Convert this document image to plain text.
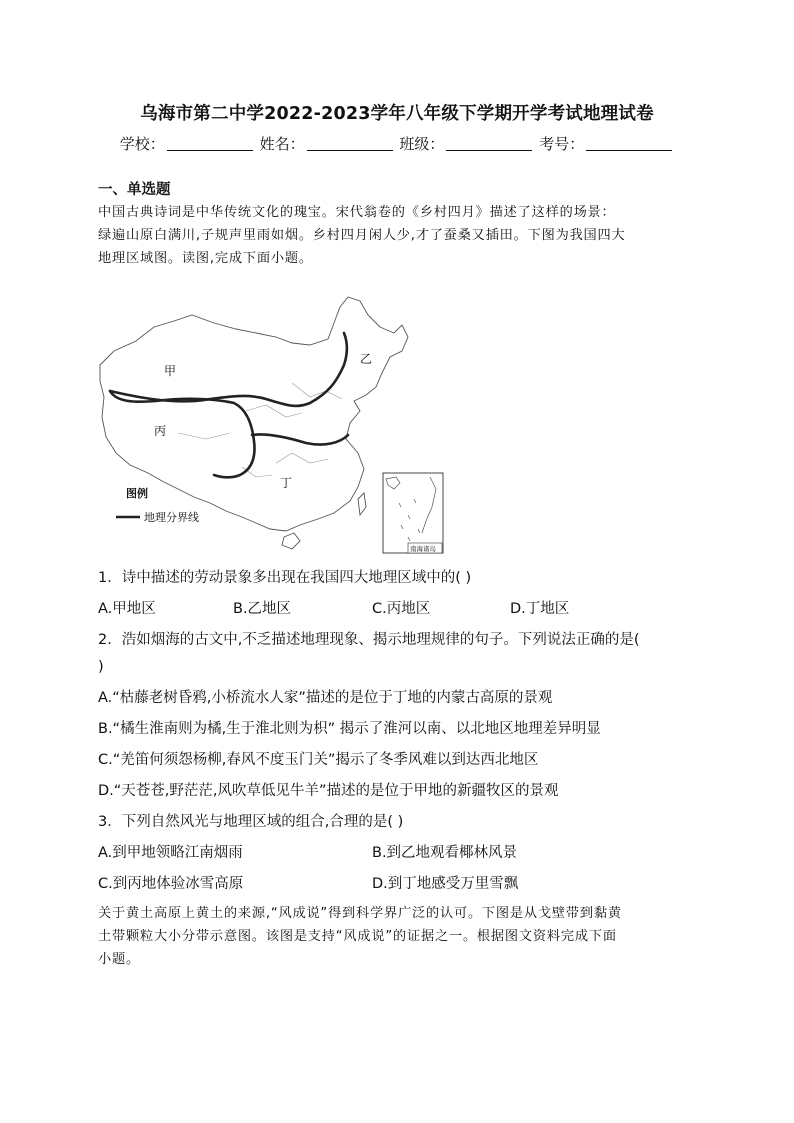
乌海市第二中学2022-2023学年八年级下学期开学考试地理试卷
学校：	姓名：	班级：	考号：
一、单选题
中国古典诗词是中华传统文化的瑰宝。宋代翁卷的《乡村四月》描述了这样的场景：
绿遍山原白满川,子规声里雨如烟。乡村四月闲人少,才了蚕桑又插田。下图为我国四大
地理区域图。读图,完成下面小题。
甲
乙
丙
丁
图例
地理分界线
南海诸岛
1．诗中描述的劳动景象多出现在我国四大地理区域中的( )
A.甲地区	B.乙地区	C.丙地区	D.丁地区
2．浩如烟海的古文中,不乏描述地理现象、揭示地理规律的句子。下列说法正确的是(
)
A.“枯藤老树昏鸦,小桥流水人家”描述的是位于丁地的内蒙古高原的景观
B.“橘生淮南则为橘,生于淮北则为枳” 揭示了淮河以南、以北地区地理差异明显
C.“羌笛何须怨杨柳,春风不度玉门关”揭示了冬季风难以到达西北地区
D.“天苍苍,野茫茫,风吹草低见牛羊”描述的是位于甲地的新疆牧区的景观
3．下列自然风光与地理区域的组合,合理的是( )
A.到甲地领略江南烟雨	B.到乙地观看椰林风景
C.到丙地体验冰雪高原	D.到丁地感受万里雪飘
关于黄土高原上黄土的来源,“风成说”得到科学界广泛的认可。下图是从戈壁带到黏黄
土带颗粒大小分带示意图。该图是支持“风成说”的证据之一。根据图文资料完成下面
小题。
